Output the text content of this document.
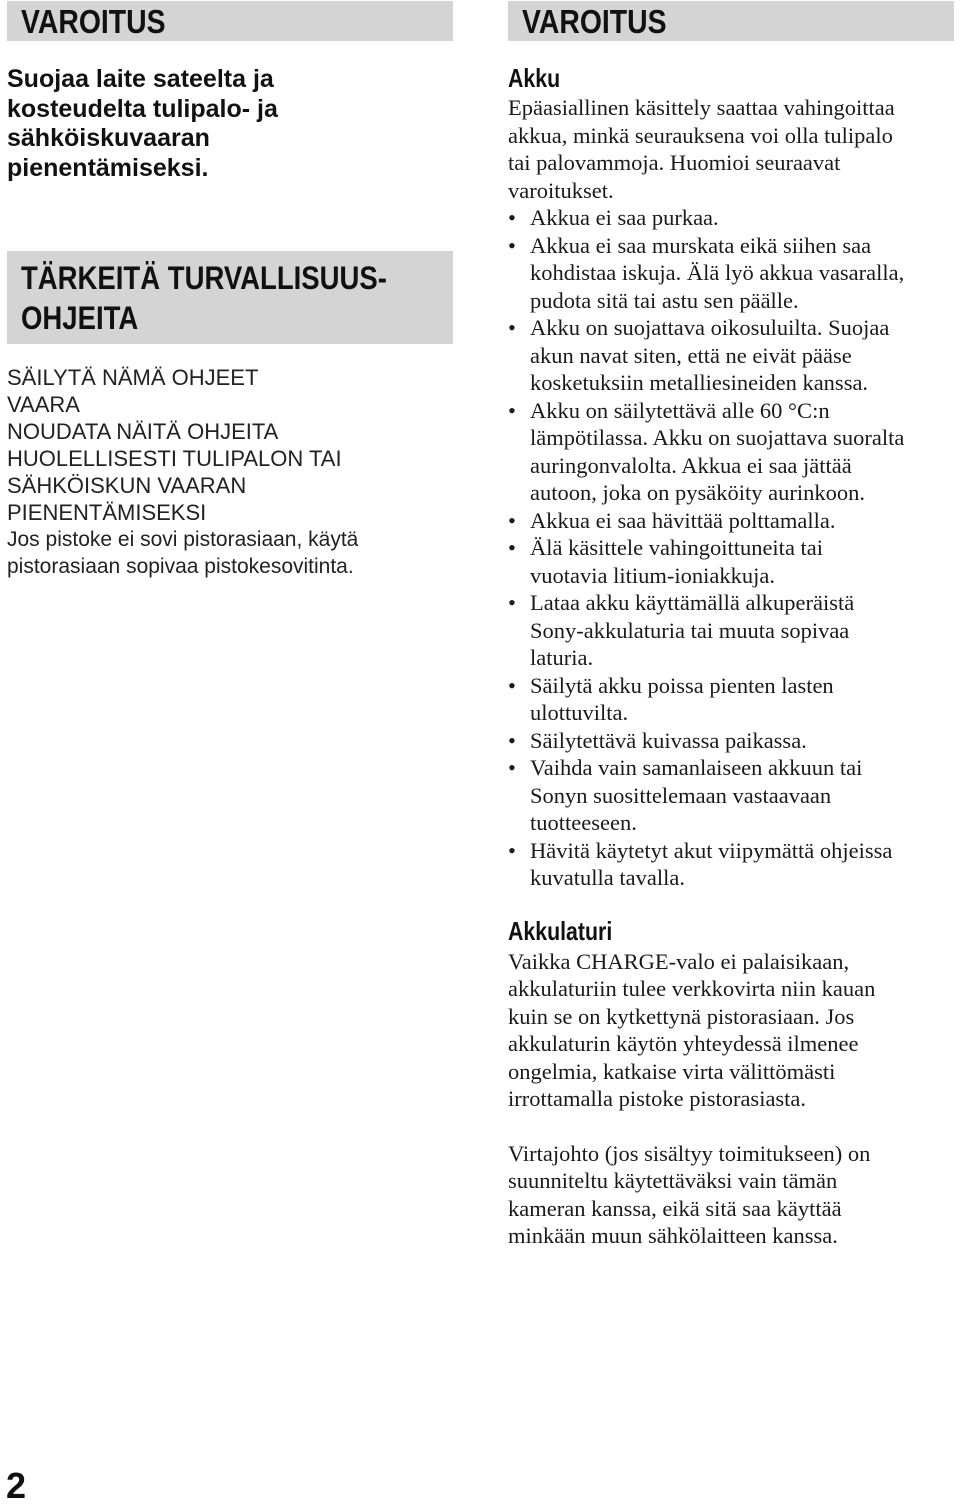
VAROITUS
Suojaa laite sateelta ja
kosteudelta tulipalo- ja
sähköiskuvaaran
pienentämiseksi.
TÄRKEITÄ TURVALLISUUS-
OHJEITA
SÄILYTÄ NÄMÄ OHJEET
VAARA
NOUDATA NÄITÄ OHJEITA
HUOLELLISESTI TULIPALON TAI
SÄHKÖISKUN VAARAN
PIENENTÄMISEKSI
Jos pistoke ei sovi pistorasiaan, käytä
pistorasiaan sopivaa pistokesovitinta.
VAROITUS
Akku
Epäasiallinen käsittely saattaa vahingoittaa
akkua, minkä seurauksena voi olla tulipalo
tai palovammoja. Huomioi seuraavat
varoitukset.
• Akkua ei saa purkaa.
• Akkua ei saa murskata eikä siihen saa
kohdistaa iskuja. Älä lyö akkua vasaralla,
pudota sitä tai astu sen päälle.
• Akku on suojattava oikosuluilta. Suojaa
akun navat siten, että ne eivät pääse
kosketuksiin metalliesineiden kanssa.
• Akku on säilytettävä alle 60 °C:n
lämpötilassa. Akku on suojattava suoralta
auringonvalolta. Akkua ei saa jättää
autoon, joka on pysäköity aurinkoon.
• Akkua ei saa hävittää polttamalla.
• Älä käsittele vahingoittuneita tai
vuotavia litium-ioniakkuja.
• Lataa akku käyttämällä alkuperäistä
Sony-akkulaturia tai muuta sopivaa
laturia.
• Säilytä akku poissa pienten lasten
ulottuvilta.
• Säilytettävä kuivassa paikassa.
• Vaihda vain samanlaiseen akkuun tai
Sonyn suosittelemaan vastaavaan
tuotteeseen.
• Hävitä käytetyt akut viipymättä ohjeissa
kuvatulla tavalla.
Akkulaturi
Vaikka CHARGE-valo ei palaisikaan,
akkulaturiin tulee verkkovirta niin kauan
kuin se on kytkettynä pistorasiaan. Jos
akkulaturin käytön yhteydessä ilmenee
ongelmia, katkaise virta välittömästi
irrottamalla pistoke pistorasiasta.
Virtajohto (jos sisältyy toimitukseen) on
suunniteltu käytettäväksi vain tämän
kameran kanssa, eikä sitä saa käyttää
minkään muun sähkölaitteen kanssa.
2
